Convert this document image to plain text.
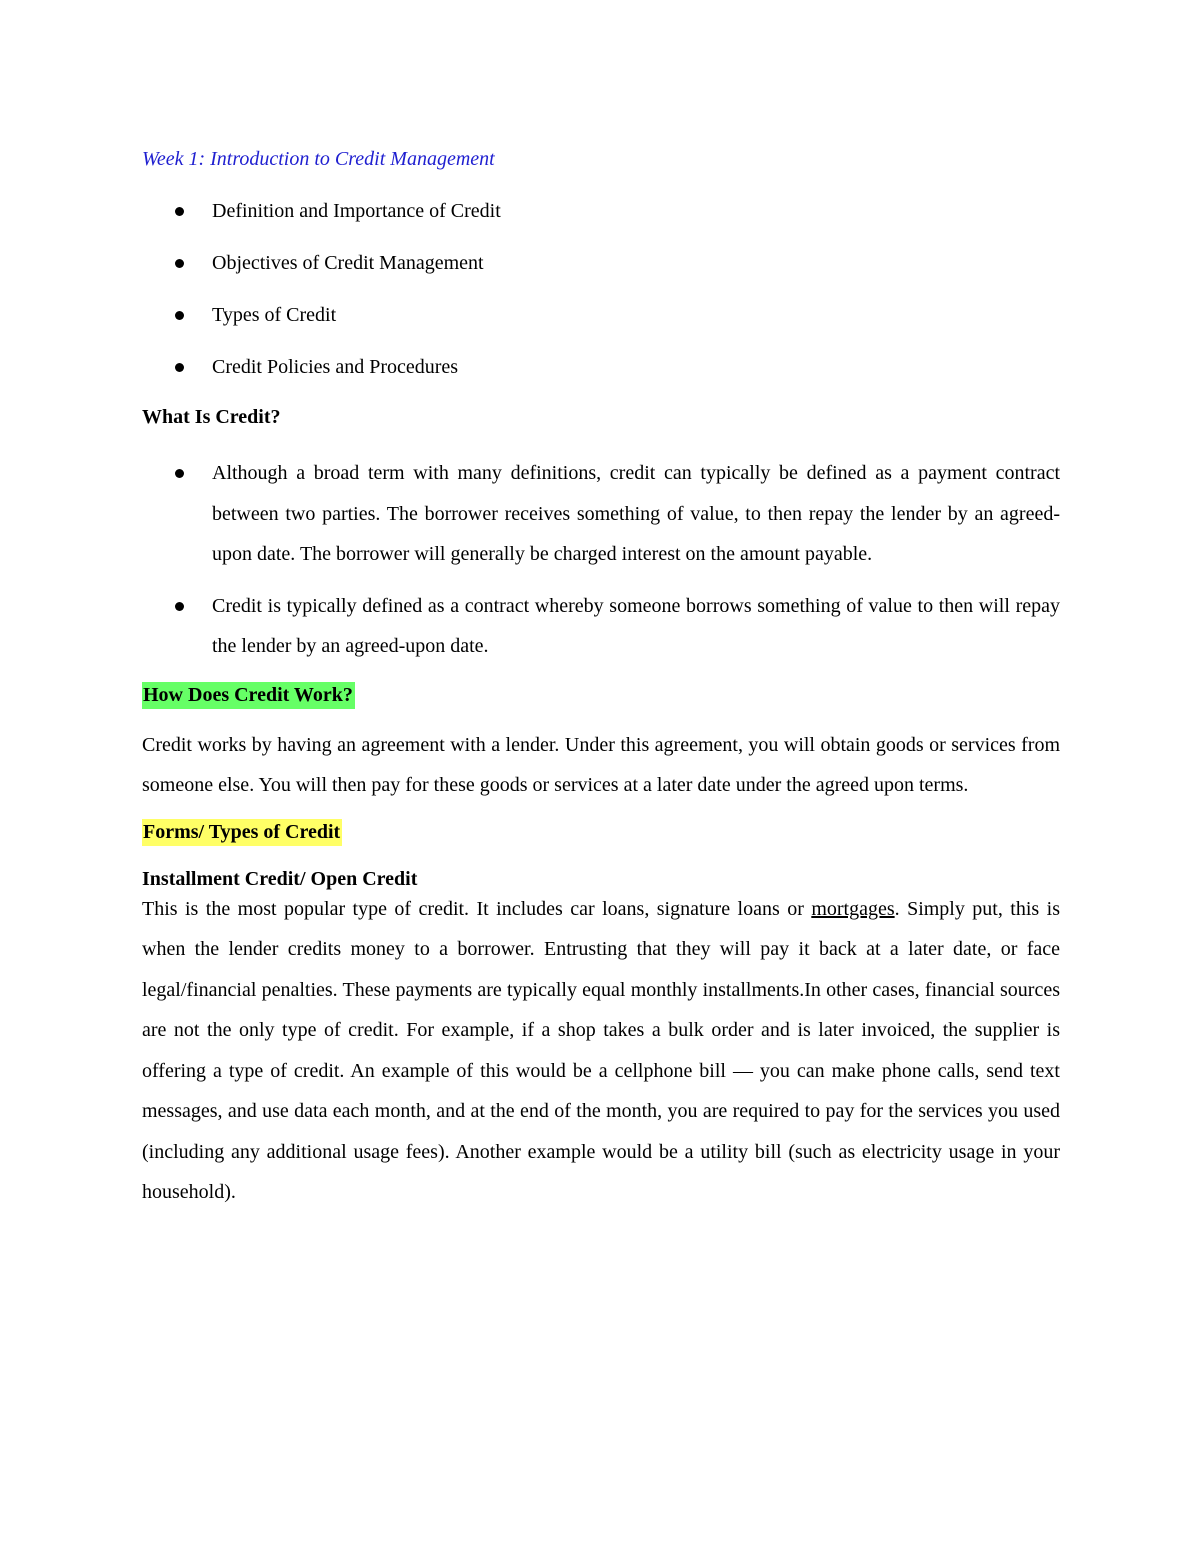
Week 1: Introduction to Credit Management
Definition and Importance of Credit
Objectives of Credit Management
Types of Credit
Credit Policies and Procedures
What Is Credit?
Although a broad term with many definitions, credit can typically be defined as a payment contract between two parties. The borrower receives something of value, to then repay the lender by an agreed-upon date. The borrower will generally be charged interest on the amount payable.
Credit is typically defined as a contract whereby someone borrows something of value to then will repay the lender by an agreed-upon date.
How Does Credit Work?

Credit works by having an agreement with a lender. Under this agreement, you will obtain goods or services from someone else. You will then pay for these goods or services at a later date under the agreed upon terms.

Forms/ Types of Credit
Installment Credit/ Open Credit

This is the most popular type of credit. It includes car loans, signature loans or mortgages. Simply put, this is when the lender credits money to a borrower. Entrusting that they will pay it back at a later date, or face legal/financial penalties. These payments are typically equal monthly installments.In other cases, financial sources are not the only type of credit. For example, if a shop takes a bulk order and is later invoiced, the supplier is offering a type of credit. An example of this would be a cellphone bill — you can make phone calls, send text messages, and use data each month, and at the end of the month, you are required to pay for the services you used (including any additional usage fees). Another example would be a utility bill (such as electricity usage in your household).
